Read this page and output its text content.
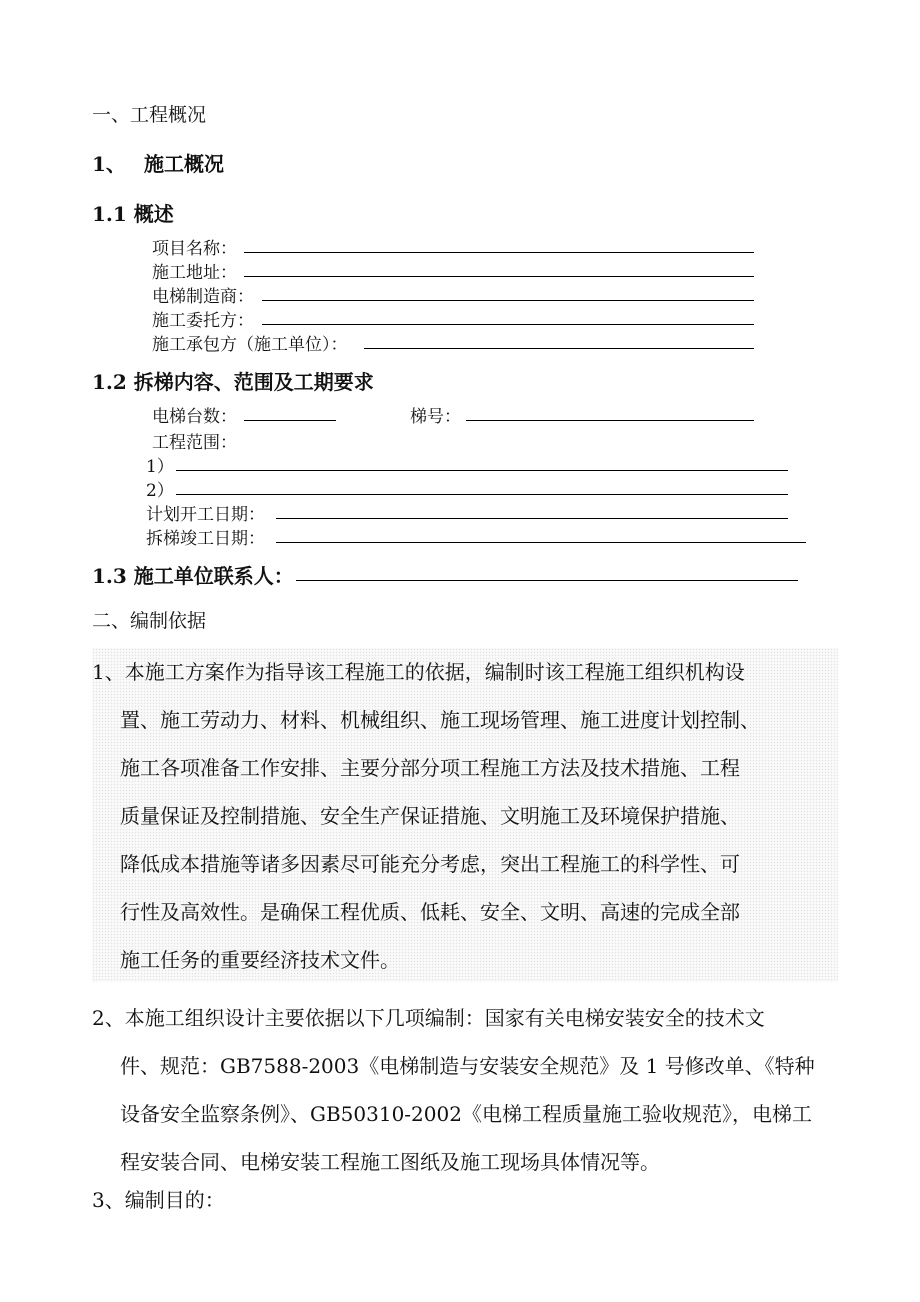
一、工程概况
1、 施工概况
1.1 概述
项目名称：
施工地址：
电梯制造商：
施工委托方：
施工承包方（施工单位）：
1.2 拆梯内容、范围及工期要求
电梯台数：	梯号：
工程范围：
1）
2）
计划开工日期：
拆梯竣工日期：
1.3 施工单位联系人：
二、编制依据
1、本施工方案作为指导该工程施工的依据，编制时该工程施工组织机构设
置、施工劳动力、材料、机械组织、施工现场管理、施工进度计划控制、
施工各项准备工作安排、主要分部分项工程施工方法及技术措施、工程
质量保证及控制措施、安全生产保证措施、文明施工及环境保护措施、
降低成本措施等诸多因素尽可能充分考虑，突出工程施工的科学性、可
行性及高效性。是确保工程优质、低耗、安全、文明、高速的完成全部
施工任务的重要经济技术文件。
2、本施工组织设计主要依据以下几项编制：国家有关电梯安装安全的技术文
件、规范：GB7588-2003《电梯制造与安装安全规范》及 1 号修改单、《特种
设备安全监察条例》、GB50310-2002《电梯工程质量施工验收规范》，电梯工
程安装合同、电梯安装工程施工图纸及施工现场具体情况等。
3、编制目的：
